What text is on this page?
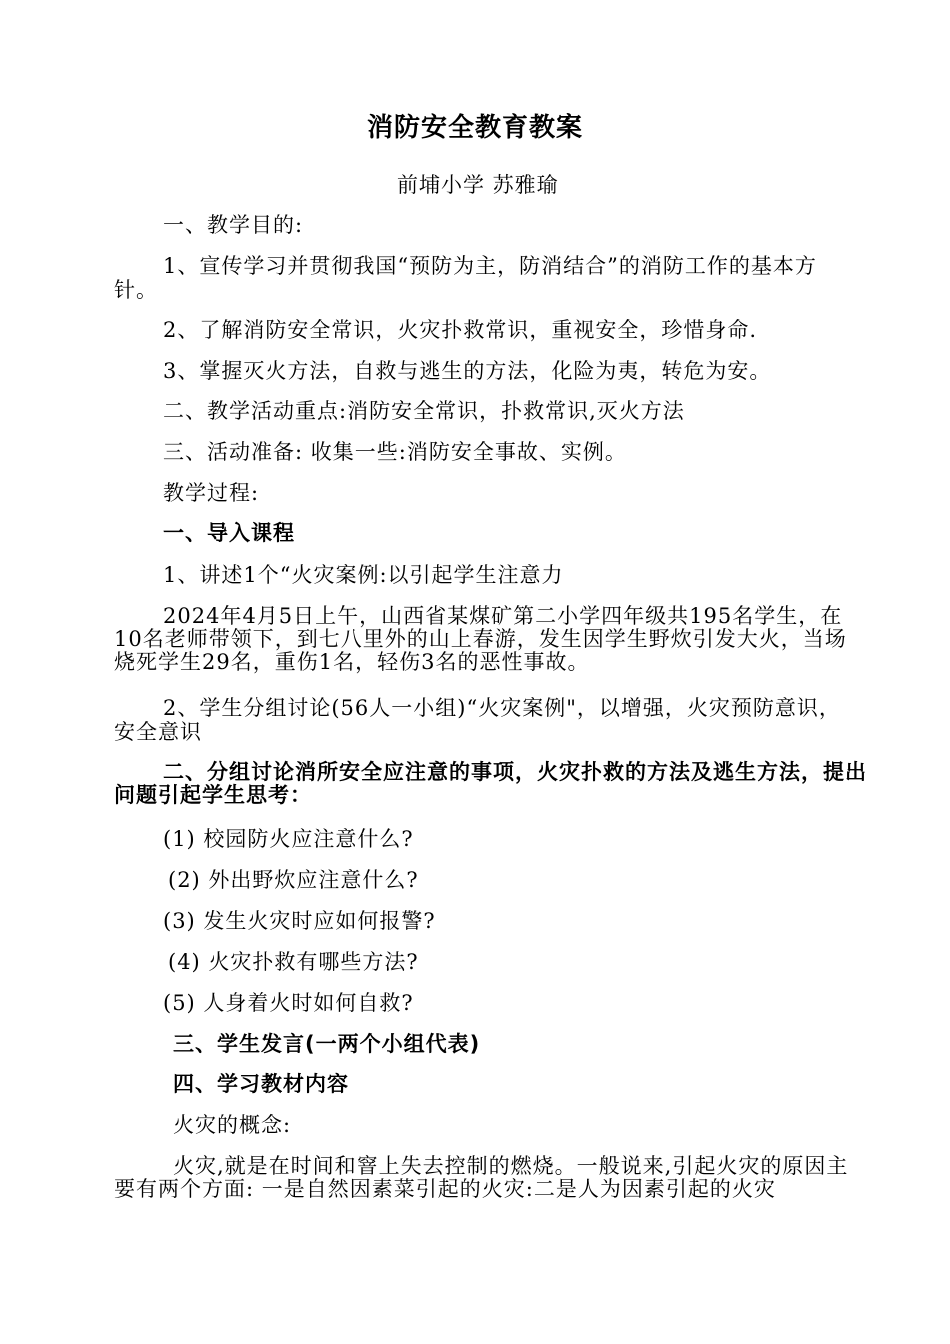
消防安全教育教案
前埔小学 苏雅瑜
一、教学目的:
1、宣传学习并贯彻我国“预防为主，防消结合”的消防工作的基本方针。
2、了解消防安全常识，火灾扑救常识，重视安全，珍惜身命.
3、掌握灭火方法，自救与逃生的方法，化险为夷，转危为安。
二、教学活动重点:消防安全常识，扑救常识,灭火方法
三、活动准备: 收集一些:消防安全事故、实例。
教学过程:
一、导入课程
1、讲述1个“火灾案例:以引起学生注意力
2024年4月5日上午，山西省某煤矿第二小学四年级共195名学生，在10名老师带领下，到七八里外的山上春游，发生因学生野炊引发大火，当场烧死学生29名，重伤1名，轻伤3名的恶性事故。
2、学生分组讨论(56人一小组)“火灾案例"，以增强，火灾预防意识，安全意识
二、分组讨论消所安全应注意的事项，火灾扑救的方法及逃生方法，提出问题引起学生思考：
(1) 校园防火应注意什么?
(2) 外出野炊应注意什么?
(3) 发生火灾时应如何报警?
(4) 火灾扑救有哪些方法?
(5) 人身着火时如何自救?
三、学生发言(一两个小组代表)
四、学习教材内容
火灾的概念:
火灾,就是在时间和窨上失去控制的燃烧。一般说来,引起火灾的原因主要有两个方面: 一是自然因素菜引起的火灾:二是人为因素引起的火灾
